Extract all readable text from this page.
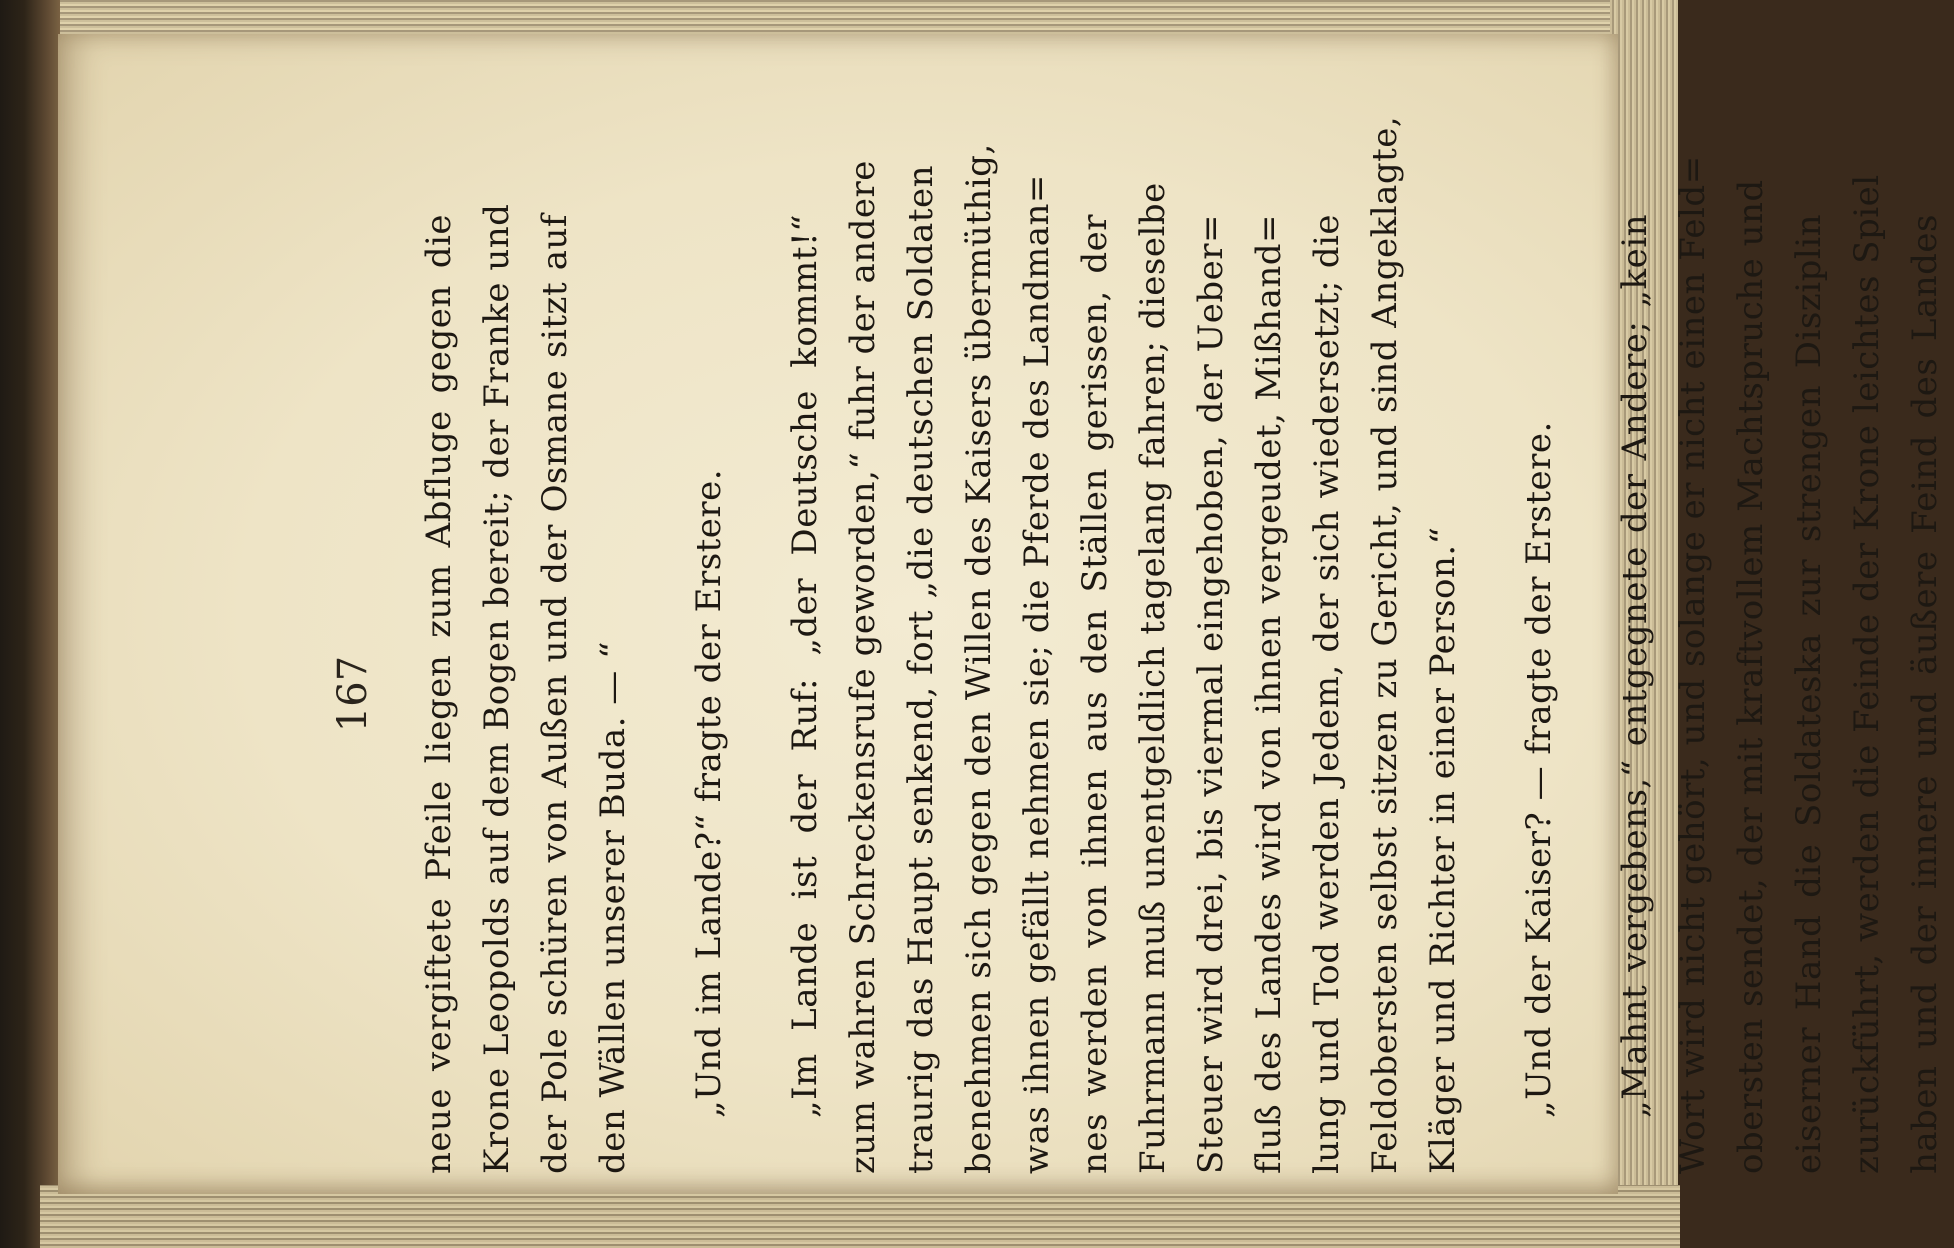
167	neue vergiftete Pfeile liegen zum Abfluge gegen die Krone Leopolds auf dem Bogen bereit; der Franke und der Pole schüren von Außen und der Osmane sitzt auf den Wällen unserer Buda. — “ „Und im Lande?“ fragte der Erstere. „Im Lande ist der Ruf: „der Deutsche kommt!“ zum wahren Schreckensrufe geworden,“ fuhr der andere traurig das Haupt senkend, fort „die deutschen Soldaten benehmen sich gegen den Willen des Kaisers übermüthig, was ihnen gefällt nehmen sie; die Pferde des Landman= nes werden von ihnen aus den Ställen gerissen, der Fuhrmann muß unentgeldlich tagelang fahren; dieselbe Steuer wird drei, bis viermal eingehoben, der Ueber= fluß des Landes wird von ihnen vergeudet, Mißhand= lung und Tod werden Jedem, der sich wiedersetzt; die Feldobersten selbst sitzen zu Gericht, und sind Angeklagte, Kläger und Richter in einer Person.“ „Und der Kaiser? — fragte der Erstere. „Mahnt vergebens,“ entgegnete der Andere; „kein Wort wird nicht gehört, und solange er nicht einen Feld= obersten sendet, der mit kraftvollem Machtspruche und eiserner Hand die Soldateska zur strengen Disziplin zurückführt, werden die Feinde der Krone leichtes Spiel haben und der innere und äußere Feind des Landes
